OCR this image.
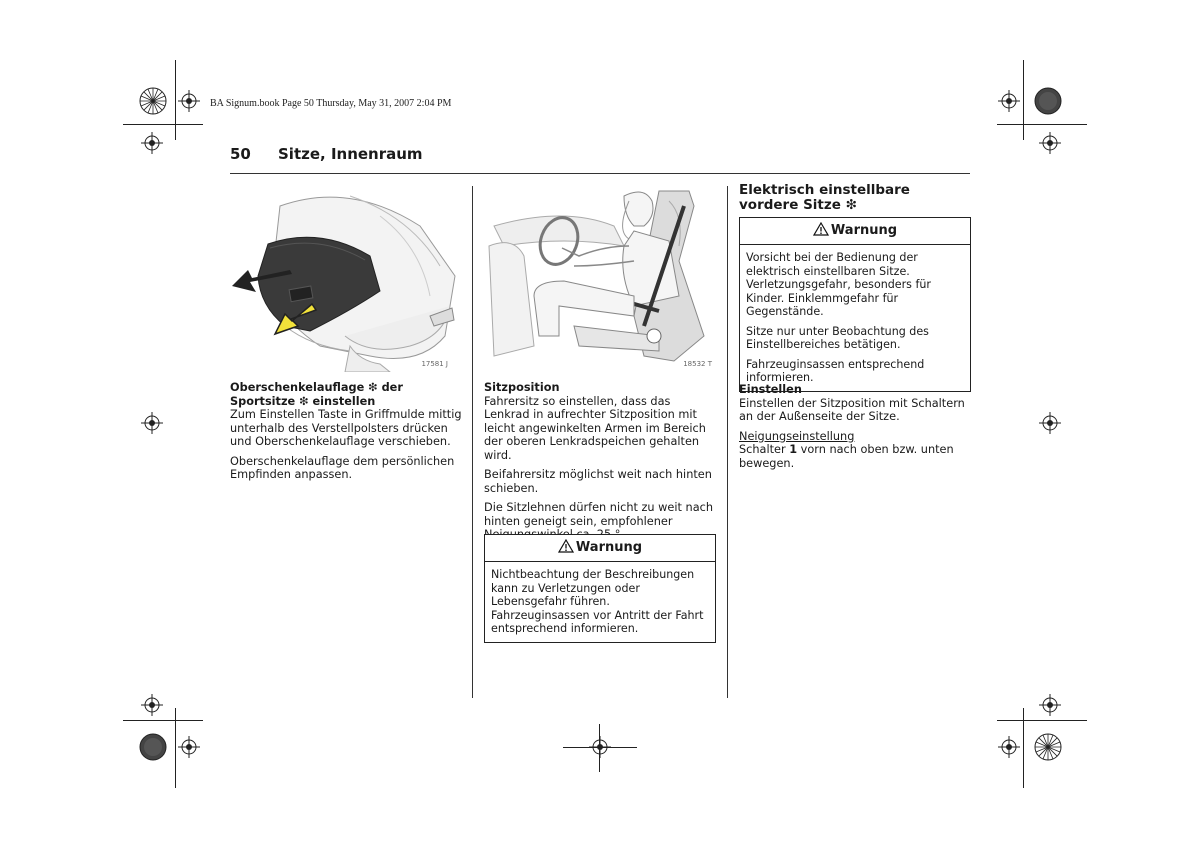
BA Signum.book Page 50 Thursday, May 31, 2007 2:04 PM
50 Sitze, Innenraum
17581 J
Oberschenkelauflage ❇ der Sportsitze ❇ einstellen

Zum Einstellen Taste in Griffmulde mittig unterhalb des Verstellpolsters drücken und Oberschenkelauflage verschieben.

Oberschenkelauflage dem persönlichen Empfinden anpassen.

18532 T
Sitzposition

Fahrersitz so einstellen, dass das Lenkrad in aufrechter Sitzposition mit leicht angewinkelten Armen im Bereich der oberen Lenkradspeichen gehalten wird.

Beifahrersitz möglichst weit nach hinten schieben.

Die Sitzlehnen dürfen nicht zu weit nach hinten geneigt sein, empfohlener

Warnung

Nichtbeachtung der Beschreibungen kann zu Verletzungen oder Lebensgefahr führen. Fahrzeuginsassen vor Antritt der Fahrt entsprechend informieren.

Elektrisch einstellbare vordere Sitze ❇
Warnung

Vorsicht bei der Bedienung der elektrisch einstellbaren Sitze. Verletzungsgefahr, besonders für Kinder. Einklemmgefahr für Gegenstände.

Sitze nur unter Beobachtung des Einstellbereiches betätigen.

Fahrzeuginsassen entsprechend informieren.

Einstellen

Einstellen der Sitzposition mit Schaltern an der Außenseite der Sitze.

Neigungseinstellung
Schalter 1 vorn nach oben bzw. unten bewegen.
